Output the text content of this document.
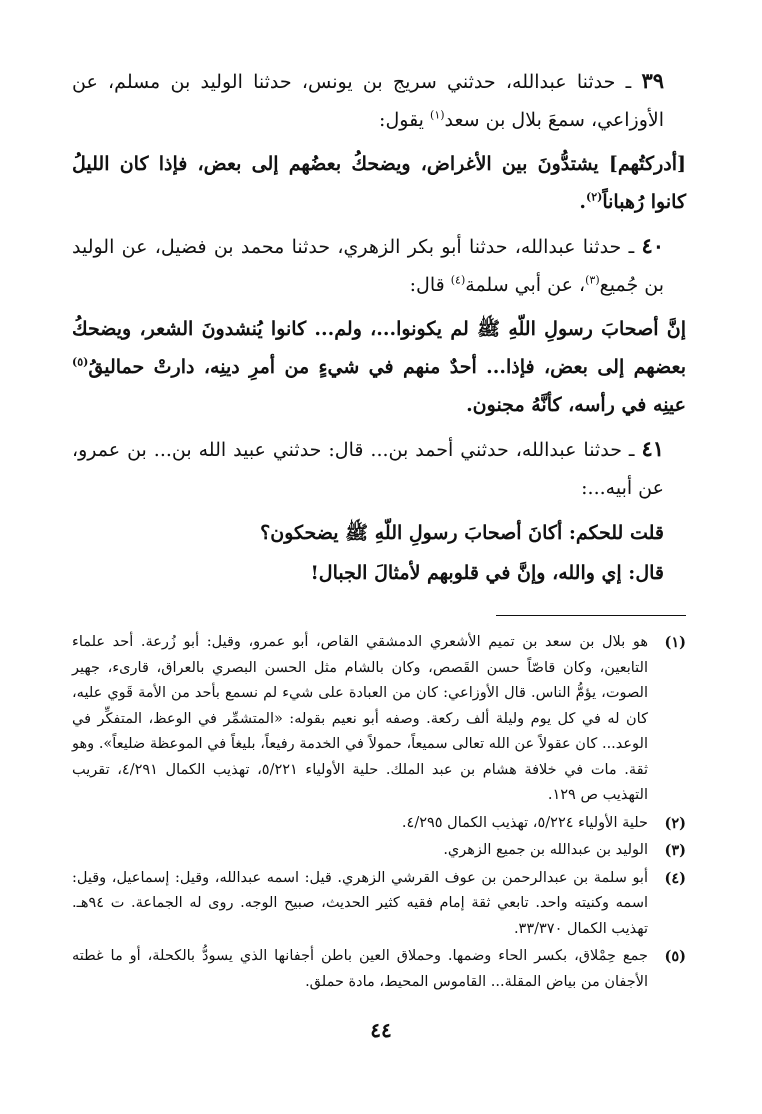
٣٩ ـ حدثنا عبدالله، حدثني سريج بن يونس، حدثنا الوليد بن مسلم، عن الأوزاعي، سمعَ بلال بن سعد$^{(١)}$ يقول:

[أدركتُهم] يشتدُّونَ بين الأغراض، ويضحكُ بعضُهم إلى بعض، فإذا كان الليلُ كانوا رُهباناً$^{(٢)}$.

٤٠ ـ حدثنا عبدالله، حدثنا أبو بكر الزهري، حدثنا محمد بن فضيل، عن الوليد بن جُميع$^{(٣)}$، عن أبي سلمة$^{(٤)}$ قال:

إنَّ أصحابَ رسولِ اللّهِ ﷺ لم يكونوا...، ولم... كانوا يُنشدونَ الشعر، ويضحكُ بعضهم إلى بعض، فإذا... أحدٌ منهم في شيءٍ من أمرِ دينِه، دارتْ حماليقُ$^{(٥)}$ عينِه في رأسه، كأنَّهُ مجنون.

٤١ ـ حدثنا عبدالله، حدثني أحمد بن... قال: حدثني عبيد الله بن... بن عمرو، عن أبيه...:

قلت للحكم: أكانَ أصحابَ رسولِ اللّهِ ﷺ يضحكون؟
قال: إي والله، وإنَّ في قلوبهم لأمثالَ الجبال!
(١)
هو بلال بن سعد بن تميم الأشعري الدمشقي القاص، أبو عمرو، وقيل: أبو زُرعة. أحد علماء التابعين، وكان قاصّاً حسن القَصص، وكان بالشام مثل الحسن البصري بالعراق، قارىء، جهير الصوت، يؤمُّ الناس. قال الأوزاعي: كان من العبادة على شيء لم نسمع بأحد من الأمة قَوي عليه، كان له في كل يوم وليلة ألف ركعة. وصفه أبو نعيم بقوله: «المتشمِّر في الوعظ، المتفكِّر في الوعد... كان عقولاً عن الله تعالى سميعاً، حمولاً في الخدمة رفيعاً، بليغاً في الموعظة ضليعاً». وهو ثقة. مات في خلافة هشام بن عبد الملك. حلية الأولياء ٥/٢٢١، تهذيب الكمال ٤/٢٩١، تقريب التهذيب ص ١٢٩.
(٢)
حلية الأولياء ٥/٢٢٤، تهذيب الكمال ٤/٢٩٥.
(٣)
الوليد بن عبدالله بن جميع الزهري.
(٤)
أبو سلمة بن عبدالرحمن بن عوف القرشي الزهري. قيل: اسمه عبدالله، وقيل: إسماعيل، وقيل: اسمه وكنيته واحد. تابعي ثقة إمام فقيه كثير الحديث، صبيح الوجه. روى له الجماعة. ت ٩٤هـ. تهذيب الكمال ٣٣/٣٧٠.
(٥)
جمع حِمْلاق، بكسر الحاء وضمها. وحملاق العين باطن أجفانها الذي يسودُّ بالكحلة، أو ما غطته الأجفان من بياض المقلة... القاموس المحيط، مادة حملق.
٤٤
